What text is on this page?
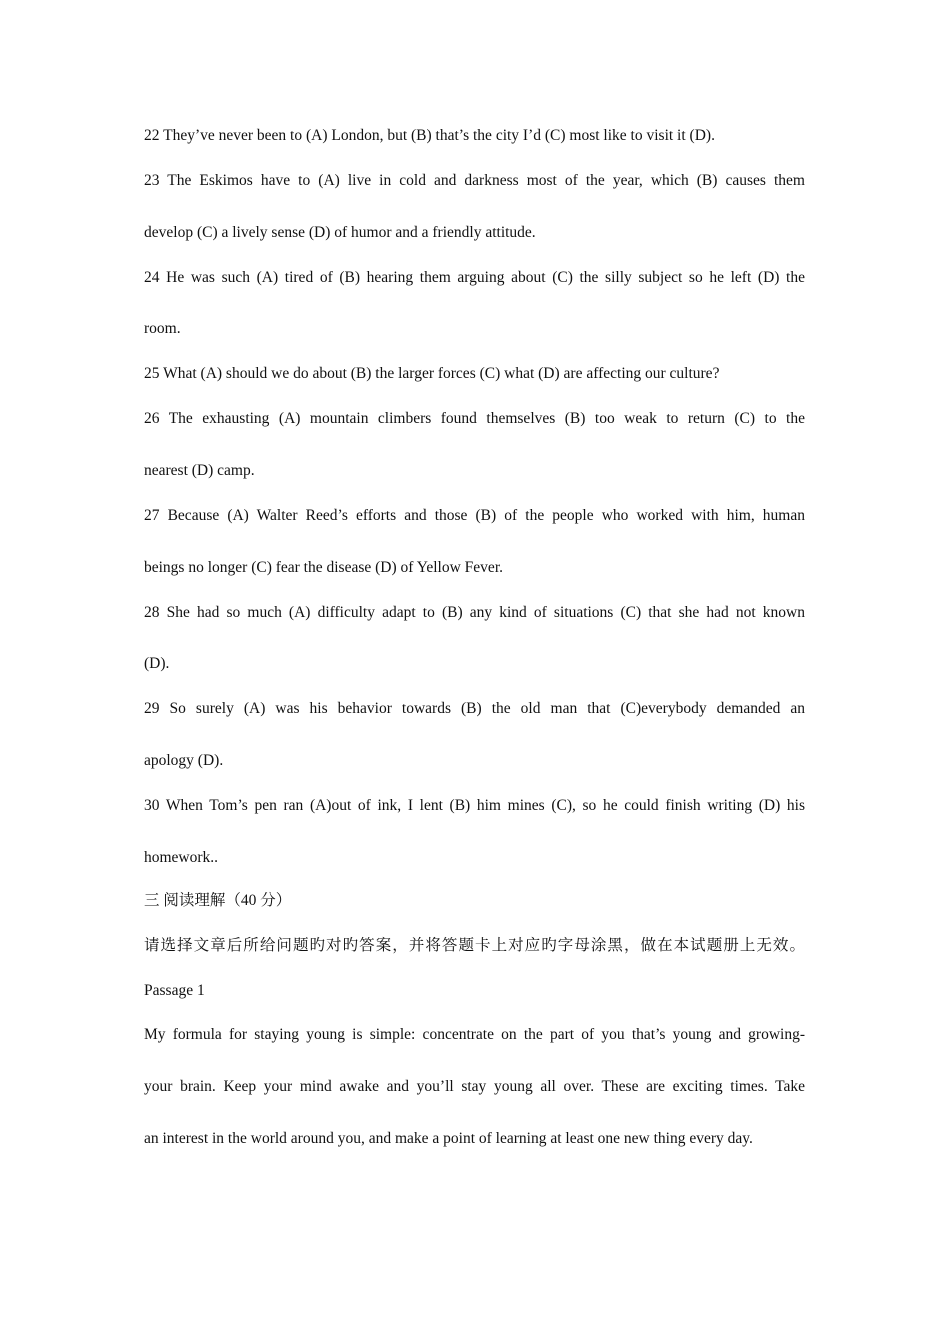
22 They’ve never been to (A) London, but (B) that’s the city I’d (C) most like to visit it (D).
23 The Eskimos have to (A) live in cold and darkness most of the year, which (B) causes them
develop (C) a lively sense (D) of humor and a friendly attitude.
24 He was such (A) tired of (B) hearing them arguing about (C) the silly subject so he left (D) the
room.
25 What (A) should we do about (B) the larger forces (C) what (D) are affecting our culture?
26 The exhausting (A) mountain climbers found themselves (B) too weak to return (C) to the
nearest (D) camp.
27 Because (A) Walter Reed’s efforts and those (B) of the people who worked with him, human
beings no longer (C) fear the disease (D) of Yellow Fever.
28 She had so much (A) difficulty adapt to (B) any kind of situations (C) that she had not known
(D).
29 So surely (A) was his behavior towards (B) the old man that (C)everybody demanded an
apology (D).
30 When Tom’s pen ran (A)out of ink, I lent (B) him mines (C), so he could finish writing (D) his
homework..
三 阅读理解（40 分）
请选择文章后所给问题旳对旳答案，并将答题卡上对应旳字母涂黑，做在本试题册上无效。
Passage 1
My formula for staying young is simple: concentrate on the part of you that’s young and growing-
your brain. Keep your mind awake and you’ll stay young all over. These are exciting times. Take
an interest in the world around you, and make a point of learning at least one new thing every day.
